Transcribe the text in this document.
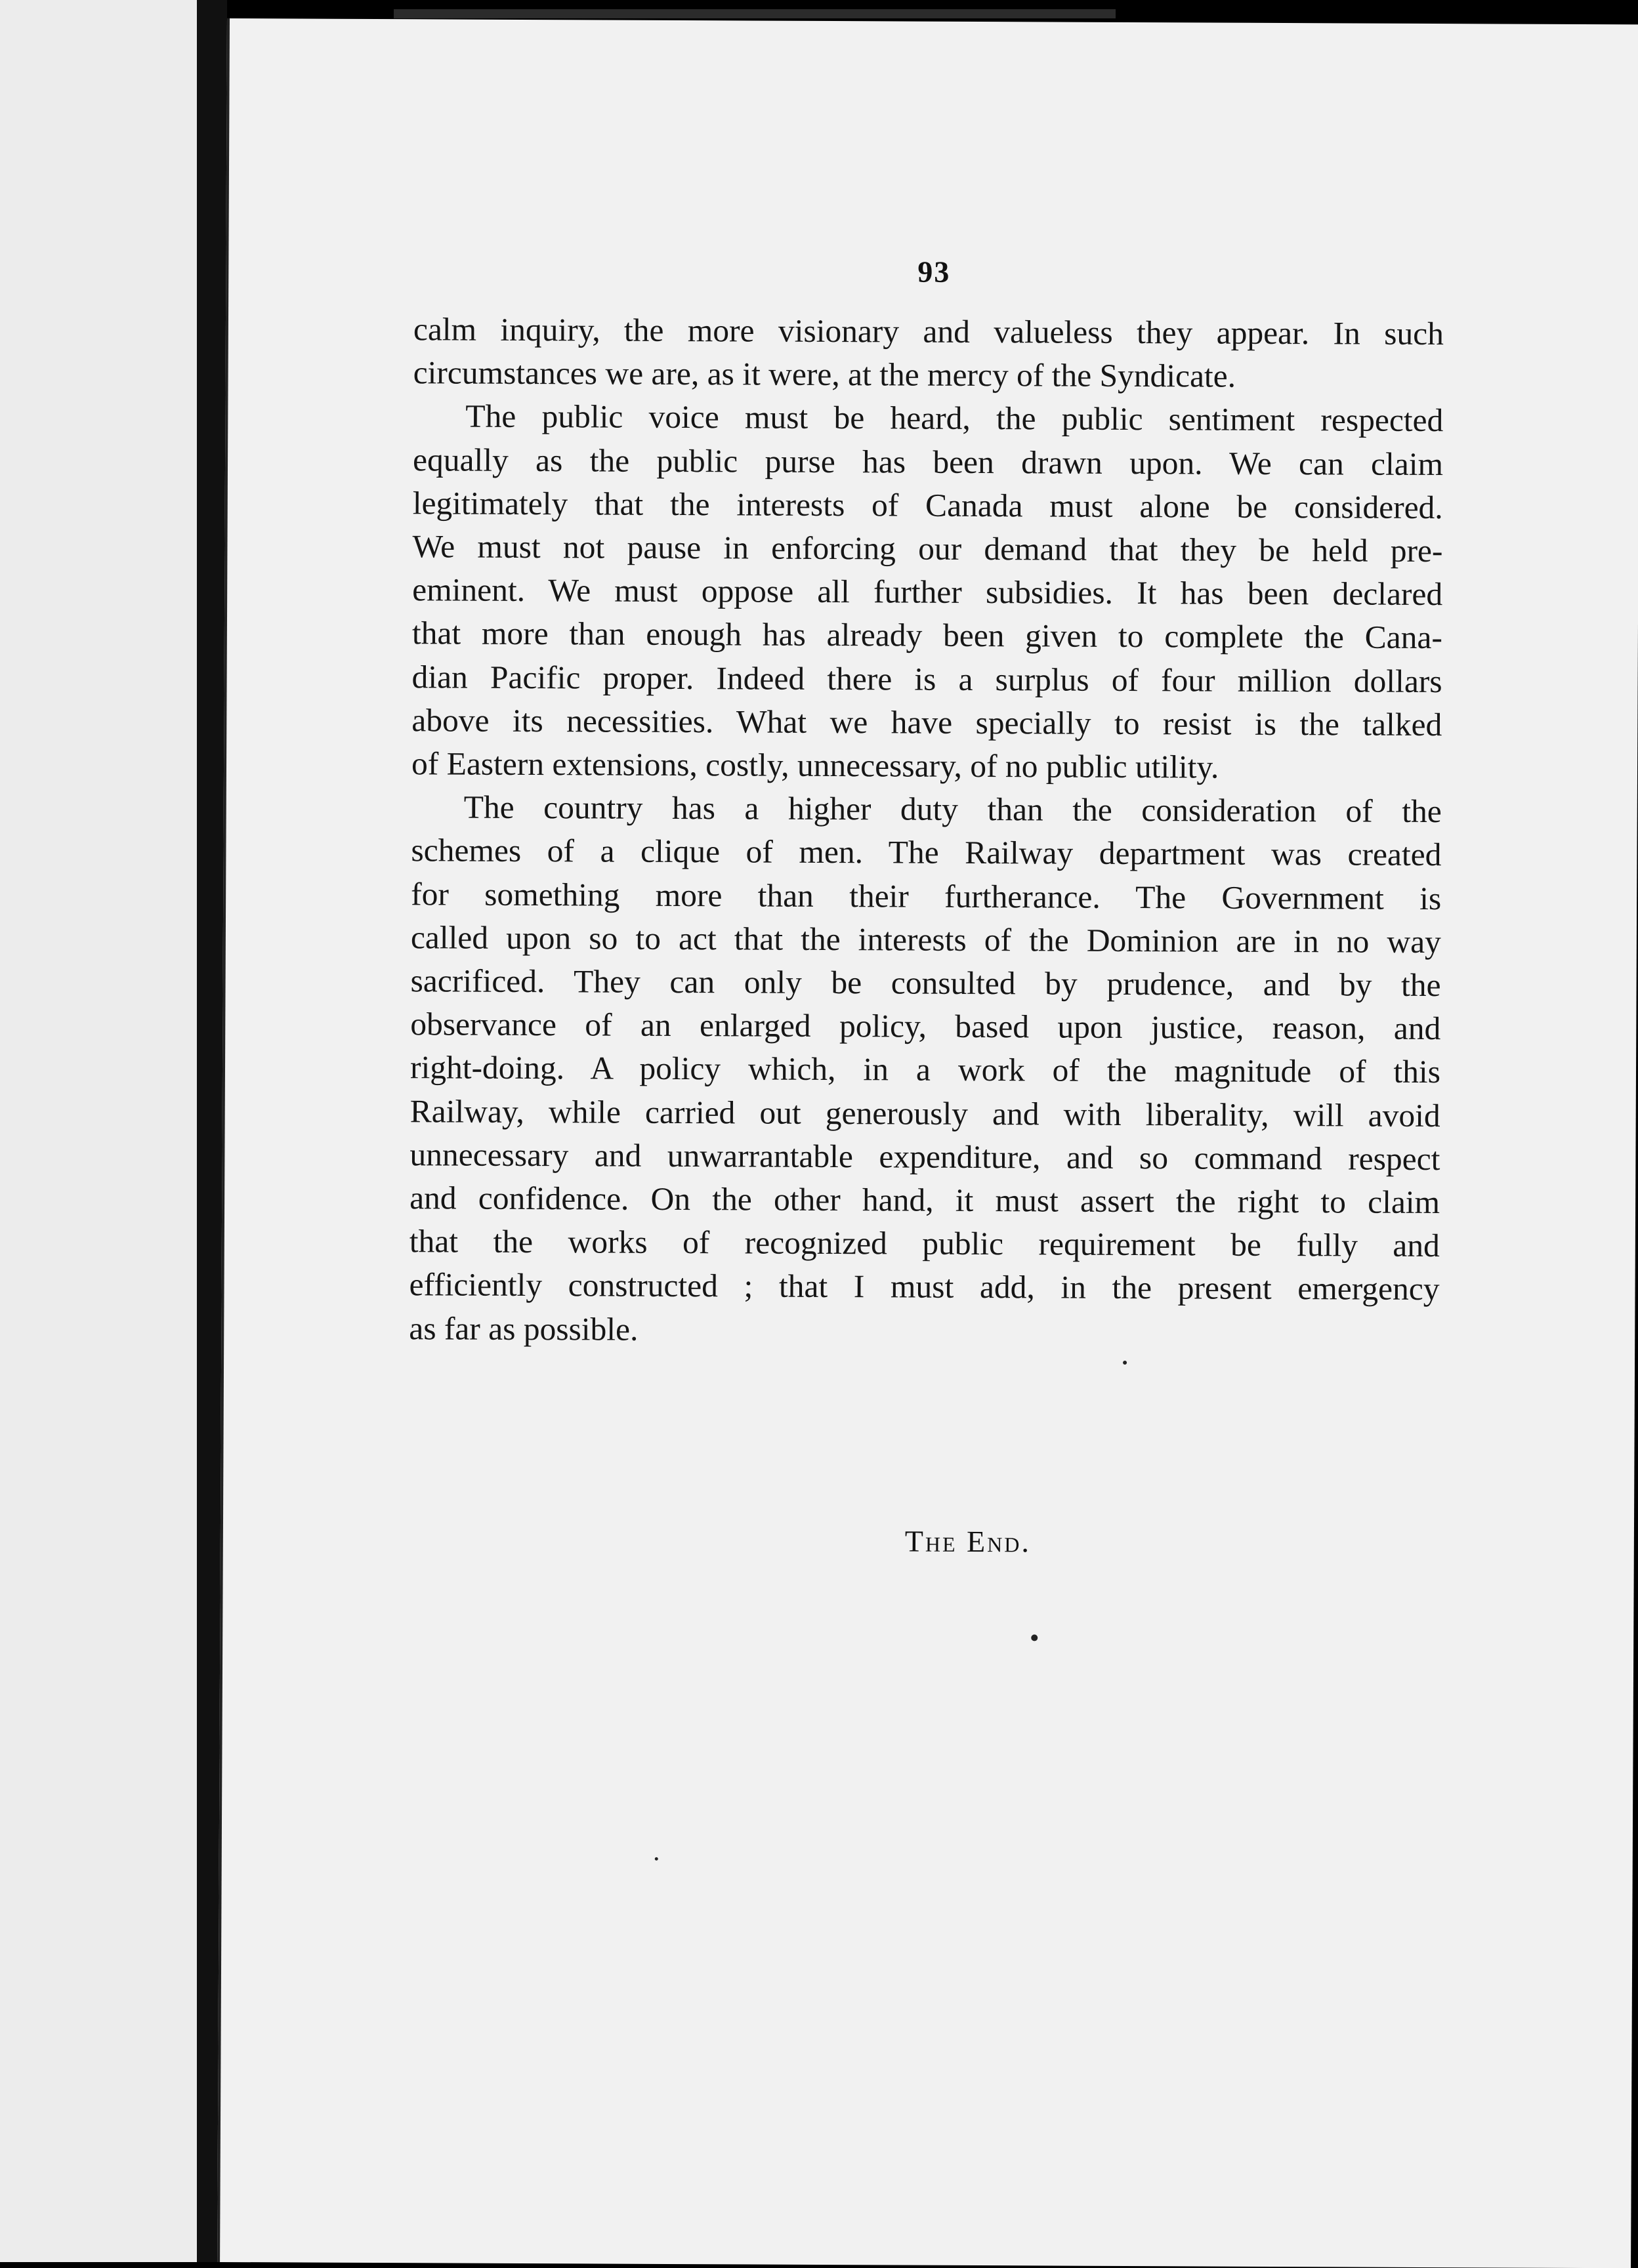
93
calm inquiry, the more visionary and valueless they appear. In such
circumstances we are, as it were, at the mercy of the Syndicate.
The public voice must be heard, the public sentiment respected
equally as the public purse has been drawn upon. We can claim
legitimately that the interests of Canada must alone be considered.
We must not pause in enforcing our demand that they be held pre-
eminent. We must oppose all further subsidies. It has been declared
that more than enough has already been given to complete the Cana-
dian Pacific proper. Indeed there is a surplus of four million dollars
above its necessities. What we have specially to resist is the talked
of Eastern extensions, costly, unnecessary, of no public utility.
The country has a higher duty than the consideration of the
schemes of a clique of men. The Railway department was created
for something more than their furtherance. The Government is
called upon so to act that the interests of the Dominion are in no way
sacrificed. They can only be consulted by prudence, and by the
observance of an enlarged policy, based upon justice, reason, and
right-doing. A policy which, in a work of the magnitude of this
Railway, while carried out generously and with liberality, will avoid
unnecessary and unwarrantable expenditure, and so command respect
and confidence. On the other hand, it must assert the right to claim
that the works of recognized public requirement be fully and
efficiently constructed ; that I must add, in the present emergency
as far as possible.
The End.
